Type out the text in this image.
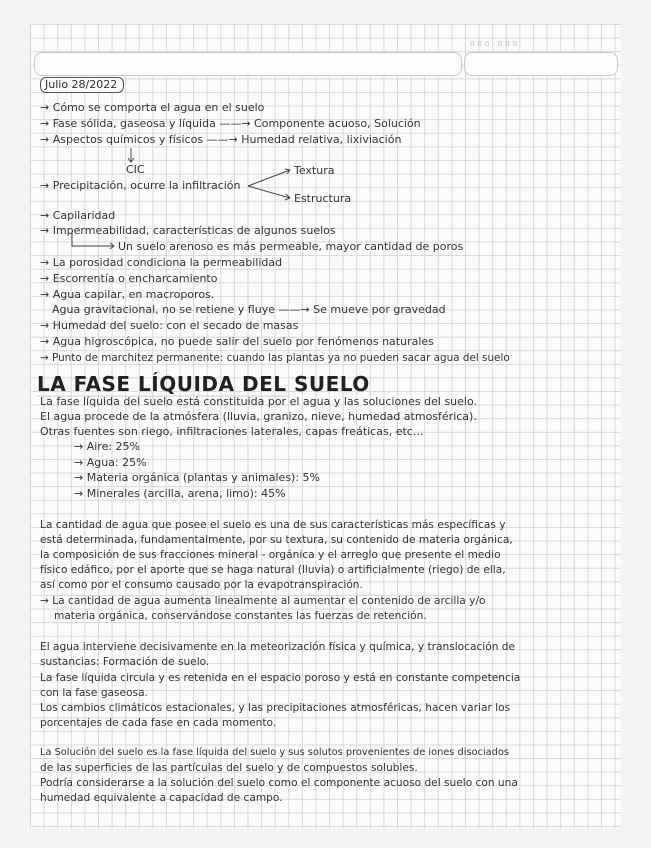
000 000
Julio 28/2022
→ Cómo se comporta el agua en el suelo
→ Fase sólida, gaseosa y líquida ——→ Componente acuoso, Solución
→ Aspectos químicos y físicos ——→ Humedad relativa, lixiviación
CIC
→ Precipitación, ocurre la infiltración
Textura
Estructura
→ Capilaridad
→ Impermeabilidad, características de algunos suelos
Un suelo arenoso es más permeable, mayor cantidad de poros
→ La porosidad condiciona la permeabilidad
→ Escorrentía o encharcamiento
→ Agua capilar, en macroporos.
Agua gravitacional, no se retiene y fluye ——→ Se mueve por gravedad
→ Humedad del suelo: con el secado de masas
→ Agua higroscópica, no puede salir del suelo por fenómenos naturales
→ Punto de marchitez permanente: cuando las plantas ya no pueden sacar agua del suelo
LA FASE LÍQUIDA DEL SUELO
La fase líquida del suelo está constituida por el agua y las soluciones del suelo.
El agua procede de la atmósfera (lluvia, granizo, nieve, humedad atmosférica).
Otras fuentes son riego, infiltraciones laterales, capas freáticas, etc...
→ Aire: 25%
→ Agua: 25%
→ Materia orgánica (plantas y animales): 5%
→ Minerales (arcilla, arena, limo): 45%
La cantidad de agua que posee el suelo es una de sus características más específicas y
está determinada, fundamentalmente, por su textura, su contenido de materia orgánica,
la composición de sus fracciones mineral - orgánica y el arreglo que presente el medio
físico edáfico, por el aporte que se haga natural (lluvia) o artificialmente (riego) de ella,
así como por el consumo causado por la evapotranspiración.
→ La cantidad de agua aumenta linealmente al aumentar el contenido de arcilla y/o
materia orgánica, conservándose constantes las fuerzas de retención.
El agua interviene decisivamente en la meteorización física y química, y translocación de
sustancias: Formación de suelo.
La fase líquida circula y es retenida en el espacio poroso y está en constante competencia
con la fase gaseosa.
Los cambios climáticos estacionales, y las precipitaciones atmosféricas, hacen variar los
porcentajes de cada fase en cada momento.
La Solución del suelo es la fase líquida del suelo y sus solutos provenientes de iones disociados
de las superficies de las partículas del suelo y de compuestos solubles.
Podría considerarse a la solución del suelo como el componente acuoso del suelo con una
humedad equivalente a capacidad de campo.
